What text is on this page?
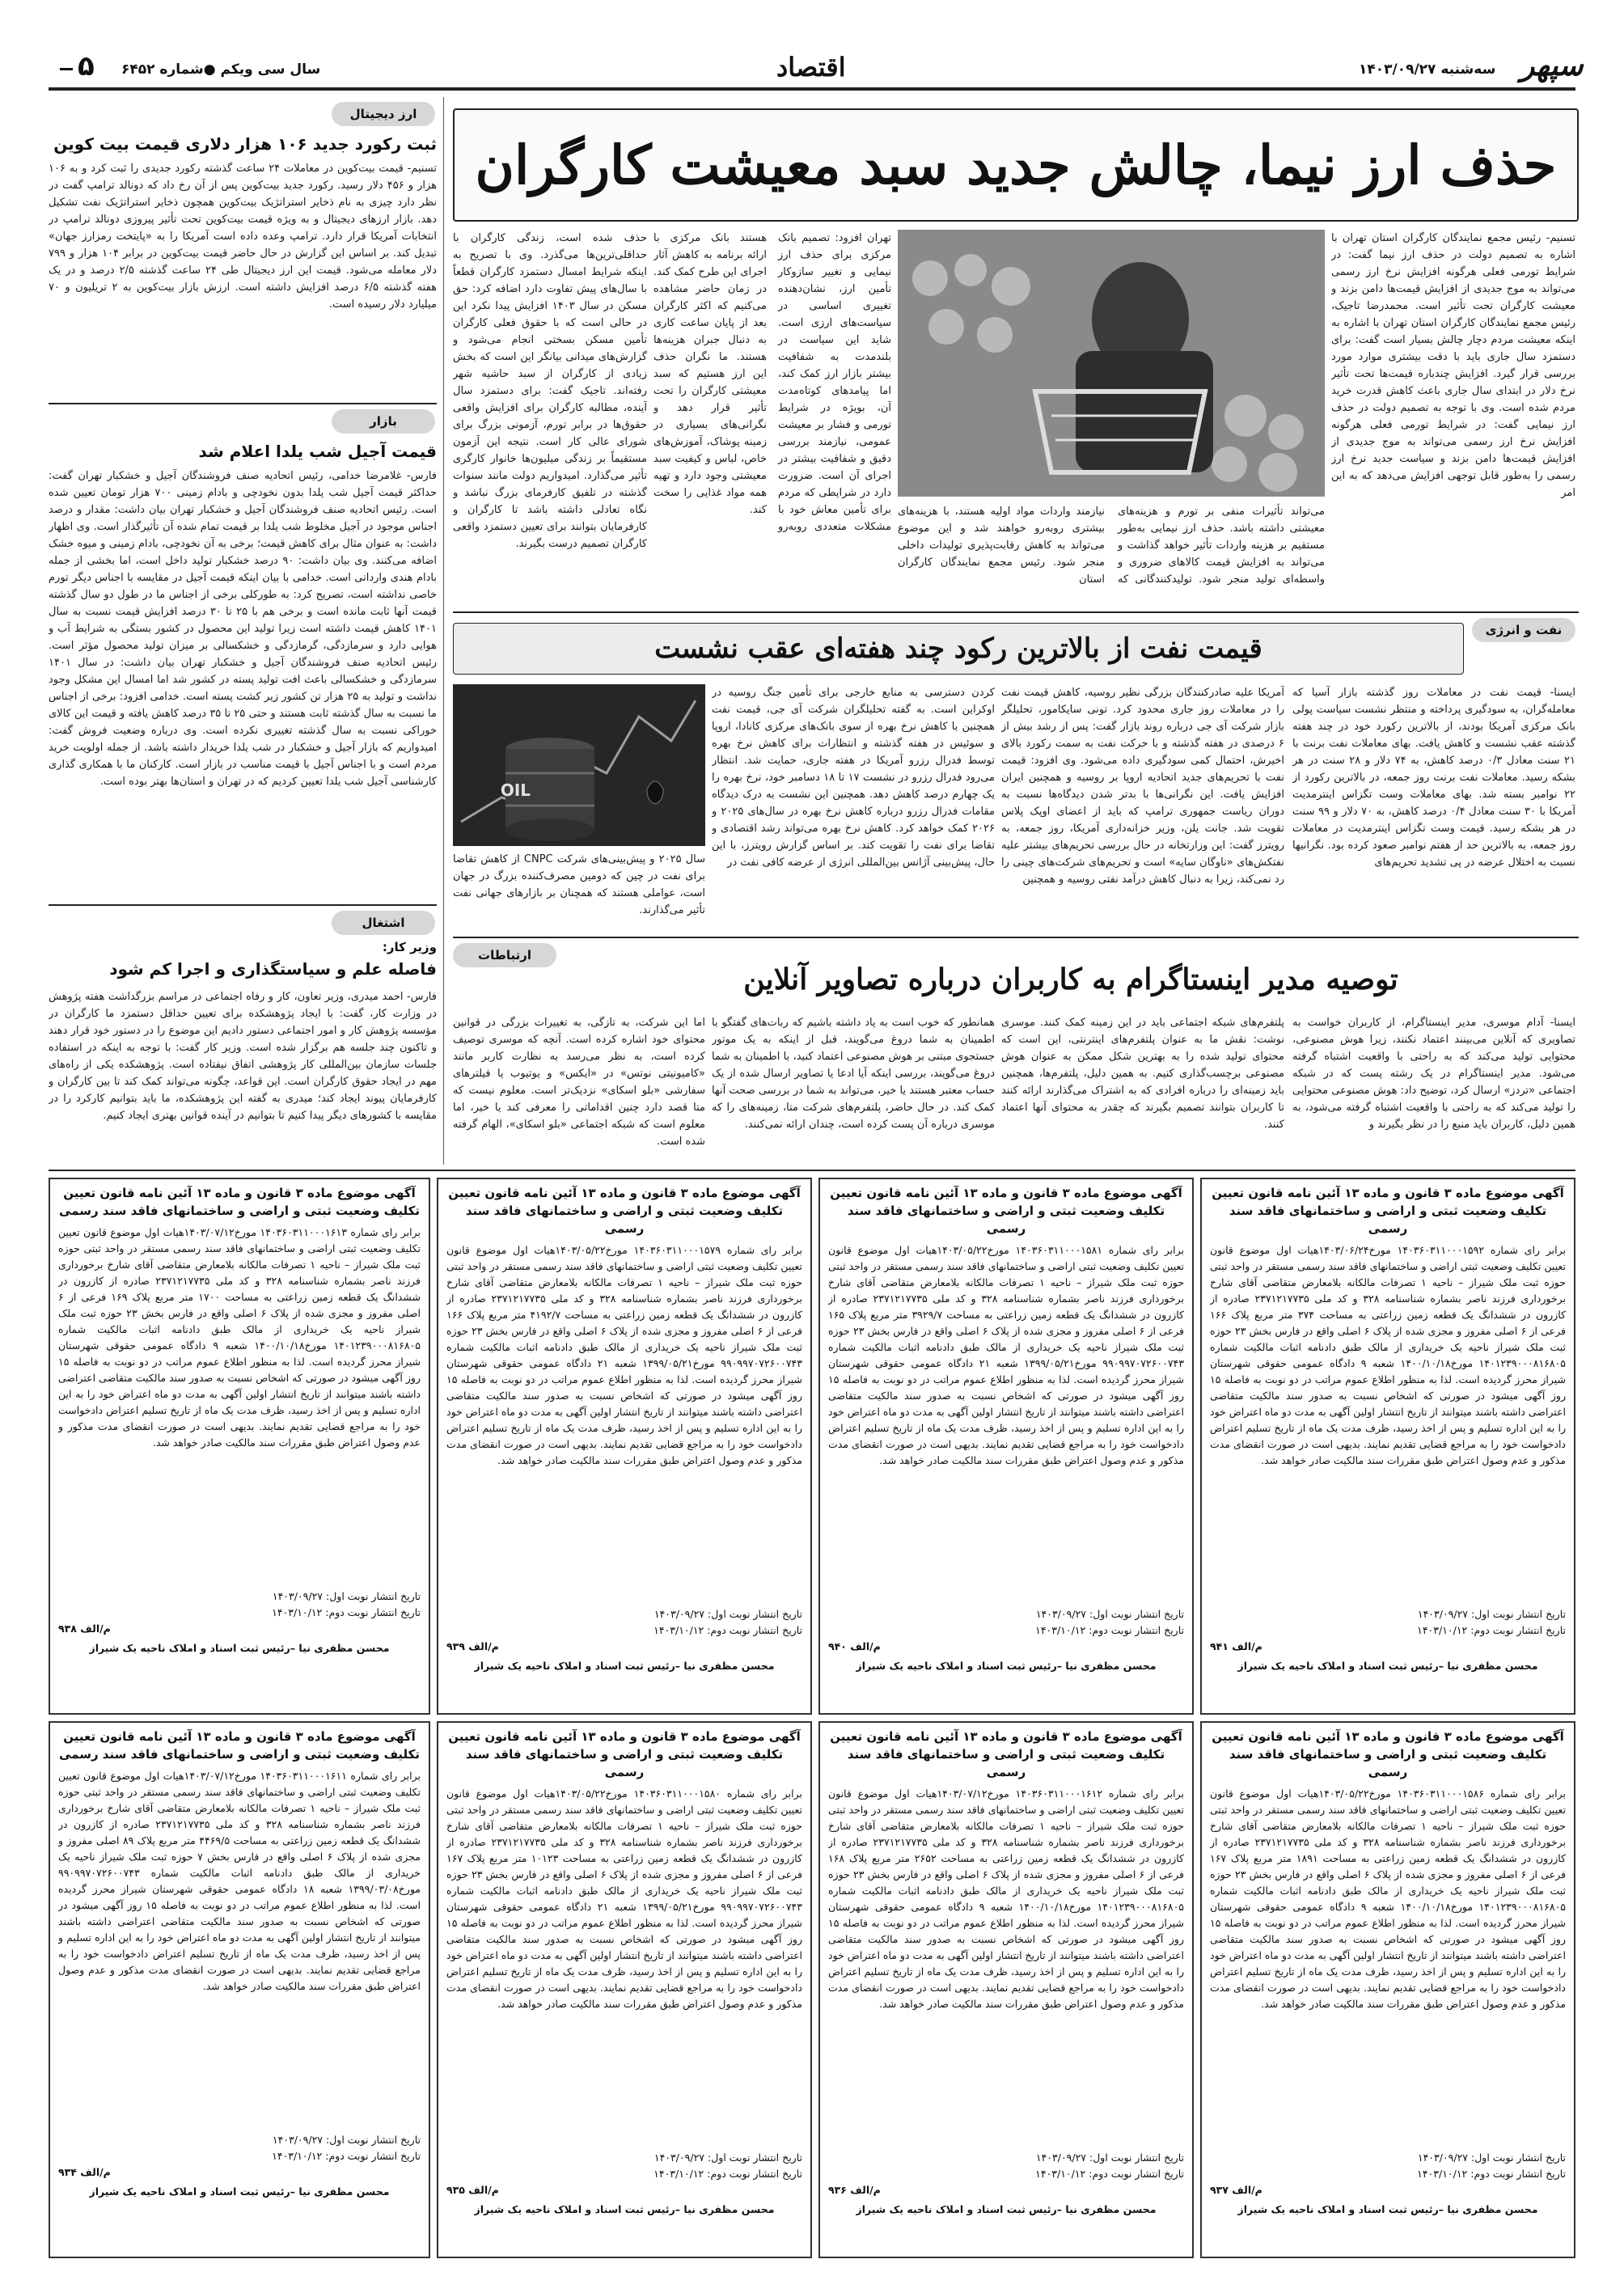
۵ سال سی ویکم ●شماره ۶۴۵۲	اقتصاد	سپهر
سه‌شنبه ۱۴۰۳/۰۹/۲۷
ارز دیجیتال
ثبت رکورد جدید ۱۰۶ هزار دلاری قیمت بیت کوین
تسنیم- قیمت بیت‌کوین در معاملات ۲۴ ساعت گذشته رکورد جدیدی را ثبت کرد و به ۱۰۶ هزار و ۴۵۶ دلار رسید. رکورد جدید بیت‌کوین پس از آن رخ داد که دونالد ترامپ گفت در نظر دارد چیزی به نام ذخایر استراتژیک بیت‌کوین همچون ذخایر استراتژیک نفت تشکیل دهد. بازار ارزهای دیجیتال و به ویژه قیمت بیت‌کوین تحت تأثیر پیروزی دونالد ترامپ در انتخابات آمریکا قرار دارد. ترامپ وعده داده است آمریکا را به «پایتخت رمزارز جهان» تبدیل کند. بر اساس این گزارش در حال حاضر قیمت بیت‌کوین در برابر ۱۰۴ هزار و ۷۹۹ دلار معامله می‌شود. قیمت این ارز دیجیتال طی ۲۴ ساعت گذشته ۲/۵ درصد و در یک هفته گذشته ۶/۵ درصد افزایش داشته است. ارزش بازار بیت‌کوین به ۲ تریلیون و ۷۰ میلیارد دلار رسیده است.
بازار
قیمت آجیل شب یلدا اعلام شد
فارس- غلامرضا خدامی، رئیس اتحادیه صنف فروشندگان آجیل و خشکبار تهران گفت: حداکثر قیمت آجیل شب یلدا بدون نخودچی و بادام زمینی ۷۰۰ هزار تومان تعیین شده است. رئیس اتحادیه صنف فروشندگان آجیل و خشکبار تهران بیان داشت: مقدار و درصد اجناس موجود در آجیل مخلوط شب یلدا بر قیمت تمام شده آن تأثیرگذار است. وی اظهار داشت: به عنوان مثال برای کاهش قیمت؛ برخی به آن نخودچی، بادام زمینی و میوه خشک اضافه می‌کنند. وی بیان داشت: ۹۰ درصد خشکبار تولید داخل است، اما بخشی از جمله بادام هندی وارداتی است. خدامی با بیان اینکه قیمت آجیل در مقایسه با اجناس دیگر تورم خاصی نداشته است، تصریح کرد: به طورکلی برخی از اجناس ما در طول دو سال گذشته قیمت آنها ثابت مانده است و برخی هم با ۲۵ تا ۳۰ درصد افزایش قیمت نسبت به سال ۱۴۰۱ کاهش قیمت داشته است زیرا تولید این محصول در کشور بستگی به شرایط آب و هوایی دارد و سرمازدگی، گرمازدگی و خشکسالی بر میزان تولید محصول مؤثر است. رئیس اتحادیه صنف فروشندگان آجیل و خشکبار تهران بیان داشت: در سال ۱۴۰۱ سرمازدگی و خشکسالی باعث افت تولید پسته در کشور شد اما امسال این مشکل وجود نداشت و تولید به ۲۵ هزار تن کشور زیر کشت پسته است. خدامی افزود: برخی از اجناس ما نسبت به سال گذشته ثابت هستند و حتی ۲۵ تا ۳۵ درصد کاهش یافته و قیمت این کالای خوراکی نسبت به سال گذشته تغییری نکرده است. وی درباره وضعیت فروش گفت: امیدواریم که بازار آجیل و خشکبار در شب یلدا خریدار داشته باشد. از جمله اولویت خرید مردم است و با اجناس آجیل با قیمت مناسب در بازار است. کارکنان ما با همکاری گذاری کارشناسی آجیل شب یلدا تعیین کردیم که در تهران و استان‌ها بهتر بوده است.
اشتغال
وزیر کار:
فاصله علم و سیاستگذاری و اجرا کم شود
فارس- احمد میدری، وزیر تعاون، کار و رفاه اجتماعی در مراسم بزرگداشت هفته پژوهش در وزارت کار، گفت: با ایجاد پژوهشکده برای تعیین حداقل دستمزد ما کارگران در مؤسسه پژوهش کار و امور اجتماعی دستور دادیم این موضوع را در دستور خود قرار دهند و تاکنون چند جلسه هم برگزار شده است. وزیر کار گفت: با توجه به اینکه در استفاده جلسات سازمان بین‌المللی کار پژوهشی اتفاق نیفتاده است. پژوهشکده یکی از راه‌های مهم در ایجاد حقوق کارگران است. این قواعد، چگونه می‌تواند کمک کند تا بین کارگران و کارفرمایان پیوند ایجاد کند؛ میدری به گفته این پژوهشکده، ما باید بتوانیم کارکرد را در مقایسه با کشورهای دیگر پیدا کنیم تا بتوانیم در آینده قوانین بهتری ایجاد کنیم.
حذف ارز نیما، چالش جدید سبد معیشت کارگران
تسنیم- رئیس مجمع نمایندگان کارگران استان تهران با اشاره به تصمیم دولت در حذف ارز نیما گفت: در شرایط تورمی فعلی هرگونه افزایش نرخ ارز رسمی می‌تواند به موج جدیدی از افزایش قیمت‌ها دامن بزند و معیشت کارگران تحت تأثیر است. محمدرضا تاجیک، رئیس مجمع نمایندگان کارگران استان تهران با اشاره به اینکه معیشت مردم دچار چالش بسیار است گفت: برای دستمزد سال جاری باید با دقت بیشتری موارد مورد بررسی قرار گیرد. افزایش چندباره قیمت‌ها تحت تأثیر نرخ دلار در ابتدای سال جاری باعث کاهش قدرت خرید مردم شده است. وی با توجه به تصمیم دولت در حذف ارز نیمایی گفت: در شرایط تورمی فعلی هرگونه افزایش نرخ ارز رسمی می‌تواند به موج جدیدی از افزایش قیمت‌ها دامن بزند و سیاست جدید نرخ ارز رسمی را به‌طور قابل توجهی افزایش می‌دهد که به این امر
می‌تواند تأثیرات منفی بر تورم و هزینه‌های معیشتی داشته باشد. حذف ارز نیمایی به‌طور مستقیم بر هزینه واردات تأثیر خواهد گذاشت و می‌تواند به افزایش قیمت کالاهای ضروری و واسطه‌ای تولید منجر شود. تولیدکنندگانی که نیازمند واردات مواد اولیه هستند، با هزینه‌های بیشتری روبه‌رو خواهند شد و این موضوع می‌تواند به کاهش رقابت‌پذیری تولیدات داخلی منجر شود. رئیس مجمع نمایندگان کارگران استان
تهران افزود: تصمیم بانک مرکزی برای حذف ارز نیمایی و تغییر سازوکار تأمین ارز، نشان‌دهنده تغییری اساسی در سیاست‌های ارزی است. شاید این سیاست در بلندمدت به شفافیت بیشتر بازار ارز کمک کند، اما پیامدهای کوتاه‌مدت آن، بویژه در شرایط تورمی و فشار بر معیشت عمومی، نیازمند بررسی دقیق و شفافیت بیشتر در اجرای آن است. ضرورت دارد در شرایطی که مردم برای تأمین معاش خود با مشکلات متعددی روبه‌رو هستند بانک مرکزی با ارائه برنامه به کاهش آثار اجرای این طرح کمک کند. در زمان حاضر مشاهده می‌کنیم که اکثر کارگران بعد از پایان ساعت کاری به دنبال جبران هزینه‌ها هستند. ما نگران حذف این ارز هستیم که سبد معیشتی کارگران را تحت تأثیر قرار دهد و نگرانی‌های بسیاری در زمینه پوشاک، آموزش‌های خاص، لباس و کیفیت سبد معیشتی وجود دارد و تهیه همه مواد غذایی را سخت کند.
حذف شده است، زندگی کارگران با حداقلی‌ترین‌ها می‌گذرد. وی با تصریح به اینکه شرایط امسال دستمزد کارگران قطعاً با سال‌های پیش تفاوت دارد اضافه کرد: حق مسکن در سال ۱۴۰۳ افزایش پیدا نکرد این در حالی است که با حقوق فعلی کارگران تأمین مسکن بسختی انجام می‌شود و گزارش‌های میدانی بیانگر این است که بخش زیادی از کارگران از سبد حاشیه شهر رفته‌اند. تاجیک گفت: برای دستمزد سال آینده، مطالبه کارگران برای افزایش واقعی حقوق‌ها در برابر تورم، آزمونی بزرگ برای شورای عالی کار است. نتیجه این آزمون مستقیماً بر زندگی میلیون‌ها خانوار کارگری تأثیر می‌گذارد. امیدواریم دولت مانند سنوات گذشته در تلفیق کارفرمای بزرگ نباشد و نگاه تعادلی داشته باشد تا کارگران و کارفرمایان بتوانند برای تعیین دستمزد واقعی کارگران تصمیم درست بگیرند.
نفت و انرژی
قیمت نفت از بالاترین رکود چند هفته‌ای عقب نشست
ایسنا- قیمت نفت در معاملات روز گذشته بازار آسیا که معامله‌گران، به سودگیری پرداخته و منتظر نشست سیاست پولی بانک مرکزی آمریکا بودند، از بالاترین رکورد خود در چند هفته گذشته عقب نشست و کاهش یافت. بهای معاملات نفت برنت با ۲۱ سنت معادل ۰/۳ درصد کاهش، به ۷۴ دلار و ۲۸ سنت در هر بشکه رسید. معاملات نفت برنت روز جمعه، در بالاترین رکورد از ۲۲ نوامبر بسته شد. بهای معاملات وست تگزاس اینترمدیت آمریکا با ۳۰ سنت معادل ۰/۴ درصد کاهش، به ۷۰ دلار و ۹۹ سنت در هر بشکه رسید. قیمت وست تگزاس اینترمدیت در معاملات روز جمعه، به بالاترین حد از هفتم نوامبر صعود کرده بود. نگرانیها نسبت به اختلال عرضه در پی تشدید تحریم‌های
آمریکا علیه صادرکنندگان بزرگی نظیر روسیه، کاهش قیمت نفت را در معاملات روز جاری محدود کرد. تونی سایکامور، تحلیلگر بازار شرکت آی جی درباره روند بازار گفت: پس از رشد بیش از ۶ درصدی در هفته گذشته و با حرکت نفت به سمت رکورد بالای اخیرش، احتمال کمی سودگیری داده می‌شود. وی افزود: قیمت نفت با تحریم‌های جدید اتحادیه اروپا بر روسیه و همچنین ایران افزایش یافت. این نگرانی‌ها با بدتر شدن دیدگاه‌ها نسبت به دوران ریاست جمهوری ترامپ که باید از اعضای اوپک پلاس تقویت شد. جانت یلن، وزیر خزانه‌داری آمریکا، روز جمعه، به رویترز گفت: این وزارتخانه در حال بررسی تحریم‌های بیشتر علیه نفتکش‌های «ناوگان سایه» است و تحریم‌های شرکت‌های چینی را رد نمی‌کند، زیرا به دنبال کاهش درآمد نفتی روسیه و همچنین
کردن دسترسی به منابع خارجی برای تأمین جنگ روسیه در اوکراین است. به گفته تحلیلگران شرکت آی جی، قیمت نفت همچنین با کاهش نرخ بهره از سوی بانک‌های مرکزی کانادا، اروپا و سوئیس در هفته گذشته و انتظارات برای کاهش نرخ بهره توسط فدرال رزرو آمریکا در هفته جاری، حمایت شد. انتظار می‌رود فدرال رزرو در نشست ۱۷ تا ۱۸ دسامبر خود، نرخ بهره را یک چهارم درصد کاهش دهد. همچنین این نشست به درک دیدگاه مقامات فدرال رزرو درباره کاهش نرخ بهره در سال‌های ۲۰۲۵ و ۲۰۲۶ کمک خواهد کرد. کاهش نرخ بهره می‌تواند رشد اقتصادی و تقاضا برای نفت را تقویت کند. بر اساس گزارش رویترز، با این حال، پیش‌بینی آژانس بین‌المللی انرژی از عرضه کافی نفت در
OIL
سال ۲۰۲۵ و پیش‌بینی‌های شرکت CNPC از کاهش تقاضا برای نفت در چین که دومین مصرف‌کننده بزرگ در جهان است، عواملی هستند که همچنان بر بازارهای جهانی نفت تأثیر می‌گذارند.
ارتباطات
توصیه مدیر اینستاگرام به کاربران درباره تصاویر آنلاین
ایسنا- آدام موسری، مدیر اینستاگرام، از کاربران خواست به تصاویری که آنلاین می‌بینند اعتماد نکنند، زیرا هوش مصنوعی، محتوایی تولید می‌کند که به راحتی با واقعیت اشتباه گرفته می‌شود. مدیر اینستاگرام در یک رشته پست که در شبکه اجتماعی «تردز» ارسال کرد، توضیح داد: هوش مصنوعی محتوایی را تولید می‌کند که به راحتی با واقعیت اشتباه گرفته می‌شود، به همین دلیل، کاربران باید منبع را در نظر بگیرند و
پلتفرم‌های شبکه اجتماعی باید در این زمینه کمک کنند. موسری نوشت: نقش ما به عنوان پلتفرم‌های اینترنتی، این است که محتوای تولید شده را به بهترین شکل ممکن به عنوان هوش مصنوعی برچسب‌گذاری کنیم. به همین دلیل، پلتفرم‌ها، همچنین باید زمینه‌ای را درباره افرادی که به اشتراک می‌گذارند ارائه کنند تا کاربران بتوانند تصمیم بگیرند که چقدر به محتوای آنها اعتماد کنند.
همانطور که خوب است به یاد داشته باشیم که ربات‌های گفتگو با اطمینان به شما دروغ می‌گویند، قبل از اینکه به یک موتور جستجوی مبتنی بر هوش مصنوعی اعتماد کنید، با اطمینان به شما دروغ می‌گویند، بررسی اینکه آیا ادعا یا تصاویر ارسال شده از یک حساب معتبر هستند یا خیر، می‌تواند به شما در بررسی صحت آنها کمک کند. در حال حاضر، پلتفرم‌های شرکت متا، زمینه‌های را که موسری درباره آن پست کرده است، چندان ارائه نمی‌کنند.
اما این شرکت، به تازگی، به تغییرات بزرگی در قوانین محتوای خود اشاره کرده است. آنچه که موسری توصیف کرده است، به نظر می‌رسد به نظارت کاربر مانند «کامیونیتی نوتس» در «ایکس» و یوتیوب یا فیلترهای سفارشی «بلو اسکای» نزدیک‌تر است. معلوم نیست که متا قصد دارد چنین اقداماتی را معرفی کند یا خیر، اما معلوم است که شبکه اجتماعی «بلو اسکای»، الهام گرفته شده است.
آگهی موضوع ماده ۳ قانون و ماده ۱۳ آئین نامه قانون تعیین تکلیف وضعیت ثبتی و اراضی و ساختمانهای فاقد سند رسمی

برابر رای شماره ۱۴۰۳۶۰۳۱۱۰۰۰۱۵۹۲ مورخ۱۴۰۳/۰۶/۲۴هیات اول موضوع قانون تعیین تکلیف وضعیت ثبتی اراضی و ساختمانهای فاقد سند رسمی مستقر در واحد ثبتی حوزه ثبت ملک شیراز – ناحیه ۱ تصرفات مالکانه بلامعارض متقاضی آقای شارخ برخورداری فرزند ناصر بشماره شناسنامه ۳۲۸ و کد ملی ۲۳۷۱۲۱۷۷۳۵ صادره از کازرون در ششدانگ یک قطعه زمین زراعتی به مساحت ۳۷۴ متر مربع پلاک ۱۶۶ فرعی از ۶ اصلی مفروز و مجزی شده از پلاک ۶ اصلی واقع در فارس بخش ۲۳ حوزه ثبت ملک شیراز ناحیه یک خریداری از مالک طبق دادنامه اثبات مالکیت شماره ۱۴۰۱۲۳۹۰۰۰۸۱۶۸۰۵ مورخ۱۴۰۰/۱۰/۱۸ شعبه ۹ دادگاه عمومی حقوقی شهرستان شیراز محرز گردیده است. لذا به منظور اطلاع عموم مراتب در دو نوبت به فاصله ۱۵ روز آگهی میشود در صورتی که اشخاص نسبت به صدور سند مالکیت متقاضی اعتراضی داشته باشند میتوانند از تاریخ انتشار اولین آگهی به مدت دو ماه اعتراض خود را به این اداره تسلیم و پس از اخذ رسید، ظرف مدت یک ماه از تاریخ تسلیم اعتراض دادخواست خود را به مراجع قضایی تقدیم نمایند. بدیهی است در صورت انقضای مدت مذکور و عدم وصول اعتراض طبق مقررات سند مالکیت صادر خواهد شد.

تاریخ انتشار نوبت اول: ۱۴۰۳/۰۹/۲۷
تاریخ انتشار نوبت دوم: ۱۴۰۳/۱۰/۱۲
م/الف ۹۴۱
محسن مظفری نیا –رئیس ثبت اسناد و املاک ناحیه یک شیراز
آگهی موضوع ماده ۳ قانون و ماده ۱۳ آئین نامه قانون تعیین تکلیف وضعیت ثبتی و اراضی و ساختمانهای فاقد سند رسمی

برابر رای شماره ۱۴۰۳۶۰۳۱۱۰۰۰۱۵۸۱ مورخ۱۴۰۳/۰۵/۲۲هیات اول موضوع قانون تعیین تکلیف وضعیت ثبتی اراضی و ساختمانهای فاقد سند رسمی مستقر در واحد ثبتی حوزه ثبت ملک شیراز – ناحیه ۱ تصرفات مالکانه بلامعارض متقاضی آقای شارخ برخورداری فرزند ناصر بشماره شناسنامه ۳۲۸ و کد ملی ۲۳۷۱۲۱۷۷۳۵ صادره از کازرون در ششدانگ یک قطعه زمین زراعتی به مساحت ۳۹۲۹/۷ متر مربع پلاک ۱۶۵ فرعی از ۶ اصلی مفروز و مجزی شده از پلاک ۶ اصلی واقع در فارس بخش ۲۳ حوزه ثبت ملک شیراز ناحیه یک خریداری از مالک طبق دادنامه اثبات مالکیت شماره ۹۹۰۹۹۷۰۷۲۶۰۰۷۴۳ مورخ۱۳۹۹/۰۵/۲۱ شعبه ۲۱ دادگاه عمومی حقوقی شهرستان شیراز محرز گردیده است. لذا به منظور اطلاع عموم مراتب در دو نوبت به فاصله ۱۵ روز آگهی میشود در صورتی که اشخاص نسبت به صدور سند مالکیت متقاضی اعتراضی داشته باشند میتوانند از تاریخ انتشار اولین آگهی به مدت دو ماه اعتراض خود را به این اداره تسلیم و پس از اخذ رسید، ظرف مدت یک ماه از تاریخ تسلیم اعتراض دادخواست خود را به مراجع قضایی تقدیم نمایند. بدیهی است در صورت انقضای مدت مذکور و عدم وصول اعتراض طبق مقررات سند مالکیت صادر خواهد شد.

تاریخ انتشار نوبت اول: ۱۴۰۳/۰۹/۲۷
تاریخ انتشار نوبت دوم: ۱۴۰۳/۱۰/۱۲
م/الف ۹۴۰
محسن مظفری نیا –رئیس ثبت اسناد و املاک ناحیه یک شیراز
آگهی موضوع ماده ۳ قانون و ماده ۱۳ آئین نامه قانون تعیین تکلیف وضعیت ثبتی و اراضی و ساختمانهای فاقد سند رسمی

برابر رای شماره ۱۴۰۳۶۰۳۱۱۰۰۰۱۵۷۹ مورخ۱۴۰۳/۰۵/۲۲هیات اول موضوع قانون تعیین تکلیف وضعیت ثبتی اراضی و ساختمانهای فاقد سند رسمی مستقر در واحد ثبتی حوزه ثبت ملک شیراز – ناحیه ۱ تصرفات مالکانه بلامعارض متقاضی آقای شارخ برخورداری فرزند ناصر بشماره شناسنامه ۳۲۸ و کد ملی ۲۳۷۱۲۱۷۷۳۵ صادره از کازرون در ششدانگ یک قطعه زمین زراعتی به مساحت ۴۱۹۲/۷ متر مربع پلاک ۱۶۶ فرعی از ۶ اصلی مفروز و مجزی شده از پلاک ۶ اصلی واقع در فارس بخش ۲۳ حوزه ثبت ملک شیراز ناحیه یک خریداری از مالک طبق دادنامه اثبات مالکیت شماره ۹۹۰۹۹۷۰۷۲۶۰۰۷۴۳ مورخ۱۳۹۹/۰۵/۲۱ شعبه ۲۱ دادگاه عمومی حقوقی شهرستان شیراز محرز گردیده است. لذا به منظور اطلاع عموم مراتب در دو نوبت به فاصله ۱۵ روز آگهی میشود در صورتی که اشخاص نسبت به صدور سند مالکیت متقاضی اعتراضی داشته باشند میتوانند از تاریخ انتشار اولین آگهی به مدت دو ماه اعتراض خود را به این اداره تسلیم و پس از اخذ رسید، ظرف مدت یک ماه از تاریخ تسلیم اعتراض دادخواست خود را به مراجع قضایی تقدیم نمایند. بدیهی است در صورت انقضای مدت مذکور و عدم وصول اعتراض طبق مقررات سند مالکیت صادر خواهد شد.

تاریخ انتشار نوبت اول: ۱۴۰۳/۰۹/۲۷
تاریخ انتشار نوبت دوم: ۱۴۰۳/۱۰/۱۲
م/الف ۹۳۹
محسن مظفری نیا –رئیس ثبت اسناد و املاک ناحیه یک شیراز
آگهی موضوع ماده ۳ قانون و ماده ۱۳ آئین نامه قانون تعیین تکلیف وضعیت ثبتی و اراضی و ساختمانهای فاقد سند رسمی

برابر رای شماره ۱۴۰۳۶۰۳۱۱۰۰۰۱۶۱۳ مورخ۱۴۰۳/۰۷/۱۲هیات اول موضوع قانون تعیین تکلیف وضعیت ثبتی اراضی و ساختمانهای فاقد سند رسمی مستقر در واحد ثبتی حوزه ثبت ملک شیراز – ناحیه ۱ تصرفات مالکانه بلامعارض متقاضی آقای شارخ برخورداری فرزند ناصر بشماره شناسنامه ۳۲۸ و کد ملی ۲۳۷۱۲۱۷۷۳۵ صادره از کازرون در ششدانگ یک قطعه زمین زراعتی به مساحت ۱۷۰۰ متر مربع پلاک ۱۶۹ فرعی از ۶ اصلی مفروز و مجزی شده از پلاک ۶ اصلی واقع در فارس بخش ۲۳ حوزه ثبت ملک شیراز ناحیه یک خریداری از مالک طبق دادنامه اثبات مالکیت شماره ۱۴۰۱۲۳۹۰۰۰۸۱۶۸۰۵ مورخ۱۴۰۰/۱۰/۱۸ شعبه ۹ دادگاه عمومی حقوقی شهرستان شیراز محرز گردیده است. لذا به منظور اطلاع عموم مراتب در دو نوبت به فاصله ۱۵ روز آگهی میشود در صورتی که اشخاص نسبت به صدور سند مالکیت متقاضی اعتراضی داشته باشند میتوانند از تاریخ انتشار اولین آگهی به مدت دو ماه اعتراض خود را به این اداره تسلیم و پس از اخذ رسید، ظرف مدت یک ماه از تاریخ تسلیم اعتراض دادخواست خود را به مراجع قضایی تقدیم نمایند. بدیهی است در صورت انقضای مدت مذکور و عدم وصول اعتراض طبق مقررات سند مالکیت صادر خواهد شد.

تاریخ انتشار نوبت اول: ۱۴۰۳/۰۹/۲۷
تاریخ انتشار نوبت دوم: ۱۴۰۳/۱۰/۱۲
م/الف ۹۳۸
محسن مظفری نیا –رئیس ثبت اسناد و املاک ناحیه یک شیراز
آگهی موضوع ماده ۳ قانون و ماده ۱۳ آئین نامه قانون تعیین تکلیف وضعیت ثبتی و اراضی و ساختمانهای فاقد سند رسمی

برابر رای شماره ۱۴۰۳۶۰۳۱۱۰۰۰۱۵۸۶ مورخ۱۴۰۳/۰۵/۲۲هیات اول موضوع قانون تعیین تکلیف وضعیت ثبتی اراضی و ساختمانهای فاقد سند رسمی مستقر در واحد ثبتی حوزه ثبت ملک شیراز – ناحیه ۱ تصرفات مالکانه بلامعارض متقاضی آقای شارخ برخورداری فرزند ناصر بشماره شناسنامه ۳۲۸ و کد ملی ۲۳۷۱۲۱۷۷۳۵ صادره از کازرون در ششدانگ یک قطعه زمین زراعتی به مساحت ۱۸۹۱ متر مربع پلاک ۱۶۷ فرعی از ۶ اصلی مفروز و مجزی شده از پلاک ۶ اصلی واقع در فارس بخش ۲۳ حوزه ثبت ملک شیراز ناحیه یک خریداری از مالک طبق دادنامه اثبات مالکیت شماره ۱۴۰۱۲۳۹۰۰۰۸۱۶۸۰۵ مورخ۱۴۰۰/۱۰/۱۸ شعبه ۹ دادگاه عمومی حقوقی شهرستان شیراز محرز گردیده است. لذا به منظور اطلاع عموم مراتب در دو نوبت به فاصله ۱۵ روز آگهی میشود در صورتی که اشخاص نسبت به صدور سند مالکیت متقاضی اعتراضی داشته باشند میتوانند از تاریخ انتشار اولین آگهی به مدت دو ماه اعتراض خود را به این اداره تسلیم و پس از اخذ رسید، ظرف مدت یک ماه از تاریخ تسلیم اعتراض دادخواست خود را به مراجع قضایی تقدیم نمایند. بدیهی است در صورت انقضای مدت مذکور و عدم وصول اعتراض طبق مقررات سند مالکیت صادر خواهد شد.

تاریخ انتشار نوبت اول: ۱۴۰۳/۰۹/۲۷
تاریخ انتشار نوبت دوم: ۱۴۰۳/۱۰/۱۲
م/الف ۹۳۷
محسن مظفری نیا –رئیس ثبت اسناد و املاک ناحیه یک شیراز
آگهی موضوع ماده ۳ قانون و ماده ۱۳ آئین نامه قانون تعیین تکلیف وضعیت ثبتی و اراضی و ساختمانهای فاقد سند رسمی

برابر رای شماره ۱۴۰۳۶۰۳۱۱۰۰۰۱۶۱۲ مورخ۱۴۰۳/۰۷/۱۲هیات اول موضوع قانون تعیین تکلیف وضعیت ثبتی اراضی و ساختمانهای فاقد سند رسمی مستقر در واحد ثبتی حوزه ثبت ملک شیراز – ناحیه ۱ تصرفات مالکانه بلامعارض متقاضی آقای شارخ برخورداری فرزند ناصر بشماره شناسنامه ۳۲۸ و کد ملی ۲۳۷۱۲۱۷۷۳۵ صادره از کازرون در ششدانگ یک قطعه زمین زراعتی به مساحت ۲۶۵۲ متر مربع پلاک ۱۶۸ فرعی از ۶ اصلی مفروز و مجزی شده از پلاک ۶ اصلی واقع در فارس بخش ۲۳ حوزه ثبت ملک شیراز ناحیه یک خریداری از مالک طبق دادنامه اثبات مالکیت شماره ۱۴۰۱۲۳۹۰۰۰۸۱۶۸۰۵ مورخ۱۴۰۰/۱۰/۱۸ شعبه ۹ دادگاه عمومی حقوقی شهرستان شیراز محرز گردیده است. لذا به منظور اطلاع عموم مراتب در دو نوبت به فاصله ۱۵ روز آگهی میشود در صورتی که اشخاص نسبت به صدور سند مالکیت متقاضی اعتراضی داشته باشند میتوانند از تاریخ انتشار اولین آگهی به مدت دو ماه اعتراض خود را به این اداره تسلیم و پس از اخذ رسید، ظرف مدت یک ماه از تاریخ تسلیم اعتراض دادخواست خود را به مراجع قضایی تقدیم نمایند. بدیهی است در صورت انقضای مدت مذکور و عدم وصول اعتراض طبق مقررات سند مالکیت صادر خواهد شد.

تاریخ انتشار نوبت اول: ۱۴۰۳/۰۹/۲۷
تاریخ انتشار نوبت دوم: ۱۴۰۳/۱۰/۱۲
م/الف ۹۳۶
محسن مظفری نیا –رئیس ثبت اسناد و املاک ناحیه یک شیراز
آگهی موضوع ماده ۳ قانون و ماده ۱۳ آئین نامه قانون تعیین تکلیف وضعیت ثبتی و اراضی و ساختمانهای فاقد سند رسمی

برابر رای شماره ۱۴۰۳۶۰۳۱۱۰۰۰۱۵۸۰ مورخ۱۴۰۳/۰۵/۲۲هیات اول موضوع قانون تعیین تکلیف وضعیت ثبتی اراضی و ساختمانهای فاقد سند رسمی مستقر در واحد ثبتی حوزه ثبت ملک شیراز – ناحیه ۱ تصرفات مالکانه بلامعارض متقاضی آقای شارخ برخورداری فرزند ناصر بشماره شناسنامه ۳۲۸ و کد ملی ۲۳۷۱۲۱۷۷۳۵ صادره از کازرون در ششدانگ یک قطعه زمین زراعتی به مساحت ۱۰۱۲۳ متر مربع پلاک ۱۶۷ فرعی از ۶ اصلی مفروز و مجزی شده از پلاک ۶ اصلی واقع در فارس بخش ۲۳ حوزه ثبت ملک شیراز ناحیه یک خریداری از مالک طبق دادنامه اثبات مالکیت شماره ۹۹۰۹۹۷۰۷۲۶۰۰۷۴۳ مورخ۱۳۹۹/۰۵/۲۱ شعبه ۲۱ دادگاه عمومی حقوقی شهرستان شیراز محرز گردیده است. لذا به منظور اطلاع عموم مراتب در دو نوبت به فاصله ۱۵ روز آگهی میشود در صورتی که اشخاص نسبت به صدور سند مالکیت متقاضی اعتراضی داشته باشند میتوانند از تاریخ انتشار اولین آگهی به مدت دو ماه اعتراض خود را به این اداره تسلیم و پس از اخذ رسید، ظرف مدت یک ماه از تاریخ تسلیم اعتراض دادخواست خود را به مراجع قضایی تقدیم نمایند. بدیهی است در صورت انقضای مدت مذکور و عدم وصول اعتراض طبق مقررات سند مالکیت صادر خواهد شد.

تاریخ انتشار نوبت اول: ۱۴۰۳/۰۹/۲۷
تاریخ انتشار نوبت دوم: ۱۴۰۳/۱۰/۱۲
م/الف ۹۳۵
محسن مظفری نیا –رئیس ثبت اسناد و املاک ناحیه یک شیراز
آگهی موضوع ماده ۳ قانون و ماده ۱۳ آئین نامه قانون تعیین تکلیف وضعیت ثبتی و اراضی و ساختمانهای فاقد سند رسمی

برابر رای شماره ۱۴۰۳۶۰۳۱۱۰۰۰۱۶۱۱ مورخ۱۴۰۳/۰۷/۱۲هیات اول موضوع قانون تعیین تکلیف وضعیت ثبتی اراضی و ساختمانهای فاقد سند رسمی مستقر در واحد ثبتی حوزه ثبت ملک شیراز – ناحیه ۱ تصرفات مالکانه بلامعارض متقاضی آقای شارخ برخورداری فرزند ناصر بشماره شناسنامه ۳۲۸ و کد ملی ۲۳۷۱۲۱۷۷۳۵ صادره از کازرون در ششدانگ یک قطعه زمین زراعتی به مساحت ۴۴۶۹/۵ متر مربع پلاک ۸۹ اصلی مفروز و مجزی شده از پلاک ۶ اصلی واقع در فارس بخش ۷ حوزه ثبت ملک شیراز ناحیه یک خریداری از مالک طبق دادنامه اثبات مالکیت شماره ۹۹۰۹۹۷۰۷۲۶۰۰۷۴۳ مورخ۱۳۹۹/۰۳/۰۸ شعبه ۱۸ دادگاه عمومی حقوقی شهرستان شیراز محرز گردیده است. لذا به منظور اطلاع عموم مراتب در دو نوبت به فاصله ۱۵ روز آگهی میشود در صورتی که اشخاص نسبت به صدور سند مالکیت متقاضی اعتراضی داشته باشند میتوانند از تاریخ انتشار اولین آگهی به مدت دو ماه اعتراض خود را به این اداره تسلیم و پس از اخذ رسید، ظرف مدت یک ماه از تاریخ تسلیم اعتراض دادخواست خود را به مراجع قضایی تقدیم نمایند. بدیهی است در صورت انقضای مدت مذکور و عدم وصول اعتراض طبق مقررات سند مالکیت صادر خواهد شد.

تاریخ انتشار نوبت اول: ۱۴۰۳/۰۹/۲۷
تاریخ انتشار نوبت دوم: ۱۴۰۳/۱۰/۱۲
م/الف ۹۳۴
محسن مظفری نیا –رئیس ثبت اسناد و املاک ناحیه یک شیراز
